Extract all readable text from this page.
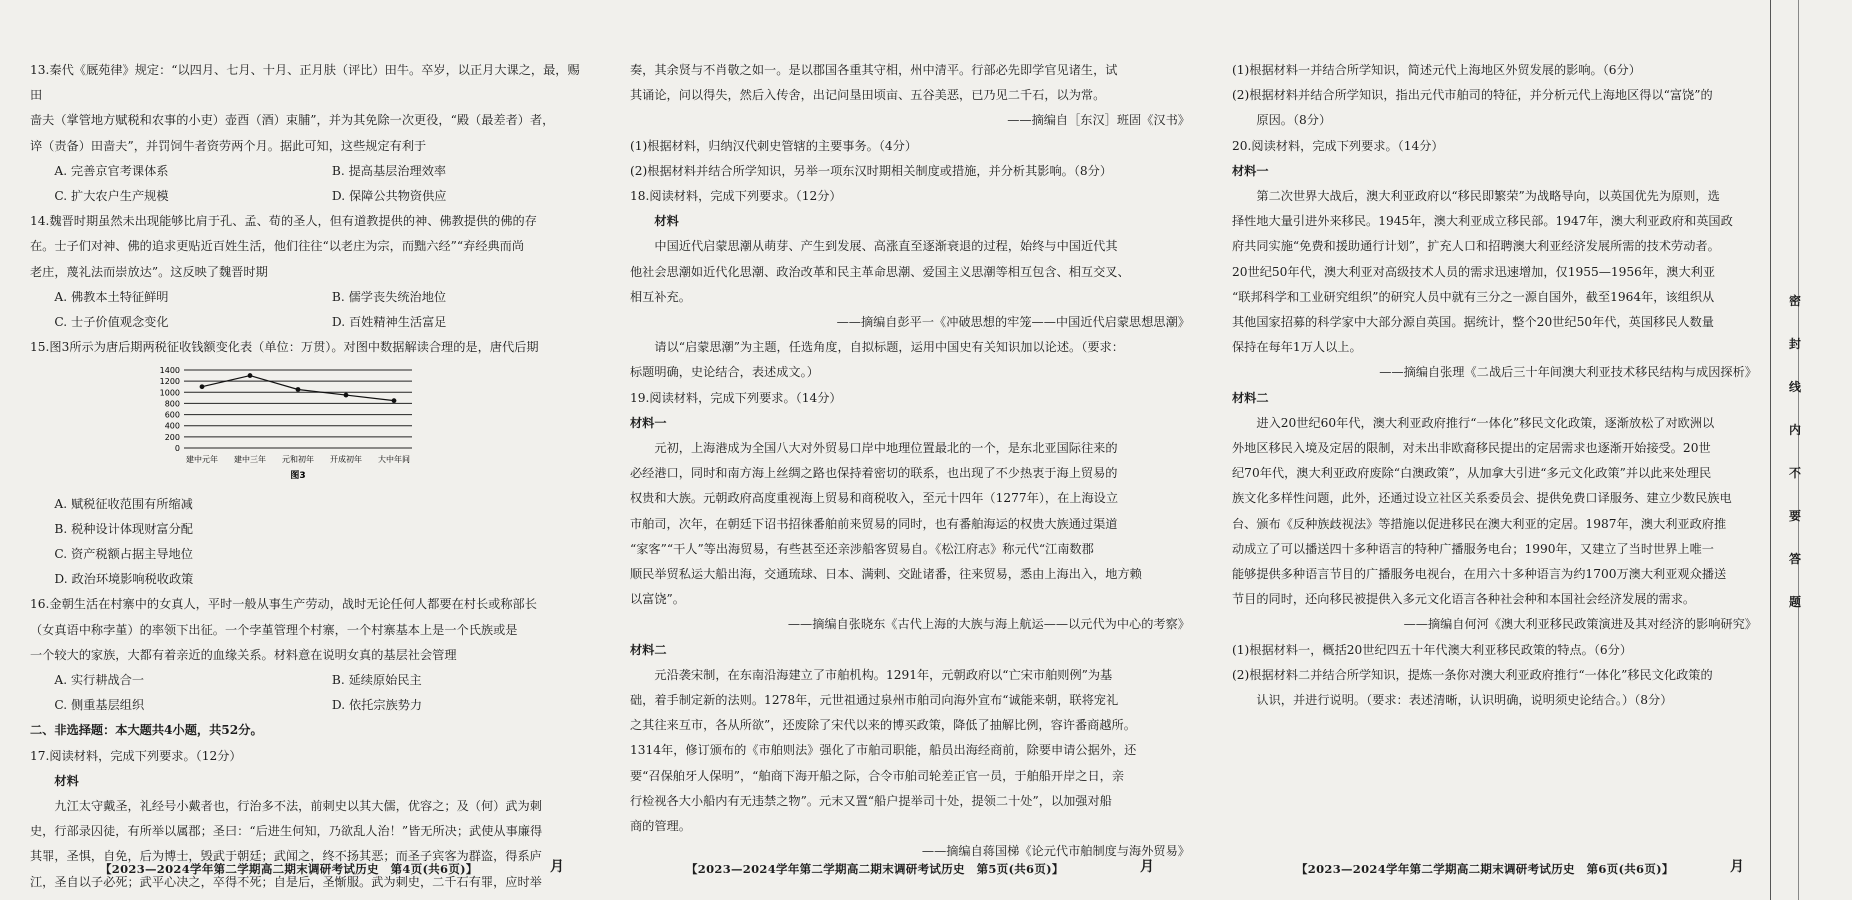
13.秦代《厩苑律》规定：“以四月、七月、十月、正月肤（评比）田牛。卒岁，以正月大课之，最，赐田

啬夫（掌管地方赋税和农事的小吏）壶酉（酒）束脯”，并为其免除一次更役，“殿（最差者）者，

谇（责备）田啬夫”，并罚饲牛者资劳两个月。据此可知，这些规定有利于

A. 完善京官考课体系	B. 提高基层治理效率
C. 扩大农户生产规模	D. 保障公共物资供应

14.魏晋时期虽然未出现能够比肩于孔、孟、荀的圣人，但有道教提供的神、佛教提供的佛的存

在。士子们对神、佛的追求更贴近百姓生活，他们往往“以老庄为宗，而黜六经”“弃经典而尚

老庄，蔑礼法而崇放达”。这反映了魏晋时期

A. 佛教本土特征鲜明	B. 儒学丧失统治地位
C. 士子价值观念变化	D. 百姓精神生活富足

15.图3所示为唐后期两税征收钱额变化表（单位：万贯）。对图中数据解读合理的是，唐代后期

1400
1200
1000
800
600
400
200
0
建中元年 建中三年 元和初年 开成初年 大中年间
图3

A. 赋税征收范围有所缩减

B. 税种设计体现财富分配

C. 资产税额占据主导地位

D. 政治环境影响税收政策

16.金朝生活在村寨中的女真人，平时一般从事生产劳动，战时无论任何人都要在村长或称部长

（女真语中称孛堇）的率领下出征。一个孛堇管理个村寨，一个村寨基本上是一个氏族或是

一个较大的家族，大都有着亲近的血缘关系。材料意在说明女真的基层社会管理

A. 实行耕战合一	B. 延续原始民主
C. 侧重基层组织	D. 依托宗族势力

二、非选择题：本大题共4小题，共52分。

17.阅读材料，完成下列要求。（12分）

材料

九江太守戴圣，礼经号小戴者也，行治多不法，前刺史以其大儒，优容之；及（何）武为刺

史，行部录囚徒，有所举以属郡；圣曰：“后进生何知，乃欲乱人治！”皆无所决；武使从事廉得

其罪，圣惧，自免，后为博士，毁武于朝廷；武闻之，终不扬其恶；而圣子宾客为群盗，得系庐

江，圣自以子必死；武平心决之，卒得不死；自是后，圣惭服。武为刺史，二千石有罪，应时举

奏，其余贤与不肖敬之如一。是以郡国各重其守相，州中清平。行部必先即学官见诸生，试

其诵论，问以得失，然后入传舍，出记问垦田顷亩、五谷美恶，已乃见二千石，以为常。

——摘编自［东汉］班固《汉书》

(1)根据材料，归纳汉代刺史管辖的主要事务。（4分）

(2)根据材料并结合所学知识，另举一项东汉时期相关制度或措施，并分析其影响。（8分）

18.阅读材料，完成下列要求。（12分）

材料

中国近代启蒙思潮从萌芽、产生到发展、高涨直至逐渐衰退的过程，始终与中国近代其

他社会思潮如近代化思潮、政治改革和民主革命思潮、爱国主义思潮等相互包含、相互交叉、

相互补充。

——摘编自彭平一《冲破思想的牢笼——中国近代启蒙思想思潮》

请以“启蒙思潮”为主题，任选角度，自拟标题，运用中国史有关知识加以论述。（要求：

标题明确，史论结合，表述成文。）

19.阅读材料，完成下列要求。（14分）

材料一

元初，上海港成为全国八大对外贸易口岸中地理位置最北的一个，是东北亚国际往来的

必经港口，同时和南方海上丝绸之路也保持着密切的联系，也出现了不少热衷于海上贸易的

权贵和大族。元朝政府高度重视海上贸易和商税收入，至元十四年（1277年），在上海设立

市舶司，次年，在朝廷下诏书招徕番舶前来贸易的同时，也有番舶海运的权贵大族通过渠道

“家客”“干人”等出海贸易，有些甚至还亲涉船客贸易自。《松江府志》称元代“江南数郡

顺民举贸私运大船出海，交通琉球、日本、满剌、交趾诸番，往来贸易，悉由上海出入，地方赖

以富饶”。

——摘编自张晓东《古代上海的大族与海上航运——以元代为中心的考察》

材料二

元沿袭宋制，在东南沿海建立了市舶机构。1291年，元朝政府以“亡宋市舶则例”为基

础，着手制定新的法则。1278年，元世祖通过泉州市舶司向海外宣布“诚能来朝，联将宠礼

之其往来互市，各从所欲”，还废除了宋代以来的博买政策，降低了抽解比例，容许番商越所。

1314年，修订颁布的《市舶则法》强化了市舶司职能，船员出海经商前，除要申请公据外，还

要“召保舶牙人保明”，“舶商下海开船之际，合令市舶司轮差正官一员，于舶船开岸之日，亲

行检视各大小船内有无违禁之物”。元末又置“船户提举司十处，提领二十处”，以加强对船

商的管理。

——摘编自蒋国梯《论元代市舶制度与海外贸易》

(1)根据材料一并结合所学知识，简述元代上海地区外贸发展的影响。（6分）

(2)根据材料并结合所学知识，指出元代市舶司的特征，并分析元代上海地区得以“富饶”的

原因。（8分）

20.阅读材料，完成下列要求。（14分）

材料一

第二次世界大战后，澳大利亚政府以“移民即繁荣”为战略导向，以英国优先为原则，选

择性地大量引进外来移民。1945年，澳大利亚成立移民部。1947年，澳大利亚政府和英国政

府共同实施“免费和援助通行计划”，扩充人口和招聘澳大利亚经济发展所需的技术劳动者。

20世纪50年代，澳大利亚对高级技术人员的需求迅速增加，仅1955—1956年，澳大利亚

“联邦科学和工业研究组织”的研究人员中就有三分之一源自国外，截至1964年，该组织从

其他国家招募的科学家中大部分源自英国。据统计，整个20世纪50年代，英国移民人数量

保持在每年1万人以上。

——摘编自张理《二战后三十年间澳大利亚技术移民结构与成因探析》

材料二

进入20世纪60年代，澳大利亚政府推行“一体化”移民文化政策，逐渐放松了对欧洲以

外地区移民入境及定居的限制，对未出非欧裔移民提出的定居需求也逐渐开始接受。20世

纪70年代，澳大利亚政府废除“白澳政策”，从加拿大引进“多元文化政策”并以此来处理民

族文化多样性问题，此外，还通过设立社区关系委员会、提供免费口译服务、建立少数民族电

台、颁布《反种族歧视法》等措施以促进移民在澳大利亚的定居。1987年，澳大利亚政府推

动成立了可以播送四十多种语言的特种广播服务电台；1990年，又建立了当时世界上唯一

能够提供多种语言节目的广播服务电视台，在用六十多种语言为约1700万澳大利亚观众播送

节目的同时，还向移民被提供入多元文化语言各种社会种和本国社会经济发展的需求。

——摘编自何河《澳大利亚移民政策演进及其对经济的影响研究》

(1)根据材料一，概括20世纪四五十年代澳大利亚移民政策的特点。（6分）

(2)根据材料二并结合所学知识，提炼一条你对澳大利亚政府推行“一体化”移民文化政策的

认识，并进行说明。（要求：表述清晰，认识明确，说明须史论结合。）（8分）

【2023—2024学年第二学期高二期末调研考试历史　第4页(共6页)】	月	【2023—2024学年第二学期高二期末调研考试历史　第5页(共6页)】	月	【2023—2024学年第二学期高二期末调研考试历史　第6页(共6页)】	月
密
封
线
内
不
要
答
题
